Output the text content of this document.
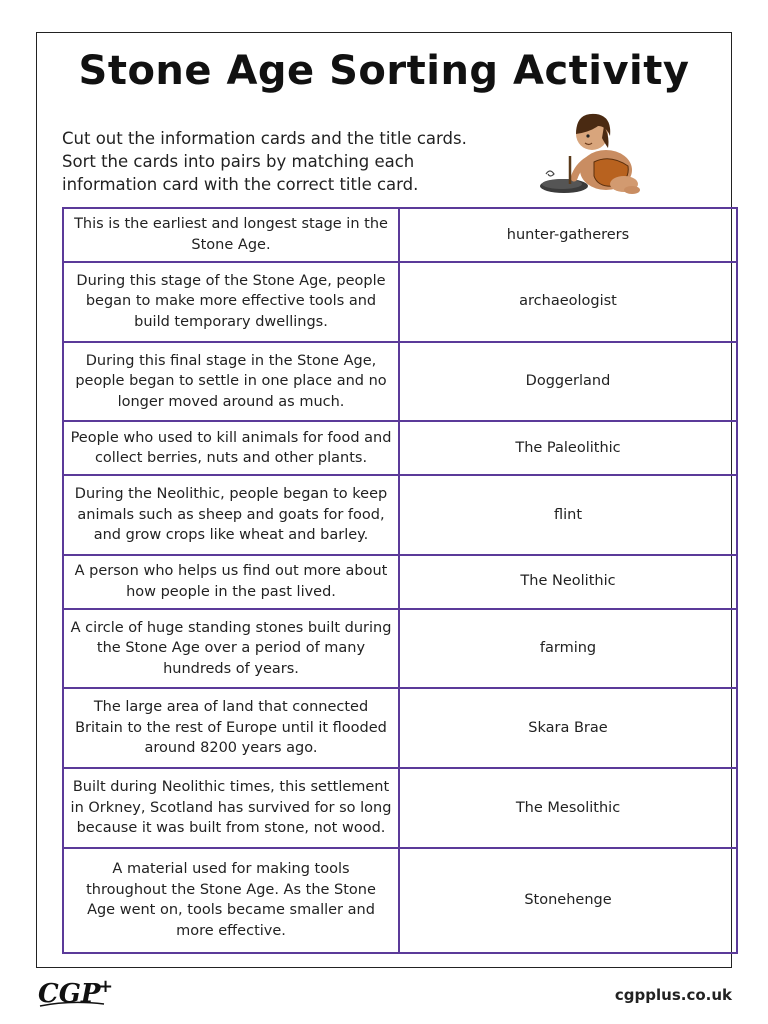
Stone Age Sorting Activity

Cut out the information cards and the title cards. Sort the cards into pairs by matching each information card with the correct title card.

This is the earliest and longest stage in the Stone Age.	hunter-gatherers
During this stage of the Stone Age, people began to make more effective tools and build temporary dwellings.	archaeologist
During this final stage in the Stone Age, people began to settle in one place and no longer moved around as much.	Doggerland
People who used to kill animals for food and collect berries, nuts and other plants.	The Paleolithic
During the Neolithic, people began to keep animals such as sheep and goats for food, and grow crops like wheat and barley.	flint
A person who helps us find out more about how people in the past lived.	The Neolithic
A circle of huge standing stones built during the Stone Age over a period of many hundreds of years.	farming
The large area of land that connected Britain to the rest of Europe until it flooded around 8200 years ago.	Skara Brae
Built during Neolithic times, this settlement in Orkney, Scotland has survived for so long because it was built from stone, not wood.	The Mesolithic
A material used for making tools throughout the Stone Age. As the Stone Age went on, tools became smaller and more effective.	Stonehenge
CGP
+	cgpplus.co.uk
